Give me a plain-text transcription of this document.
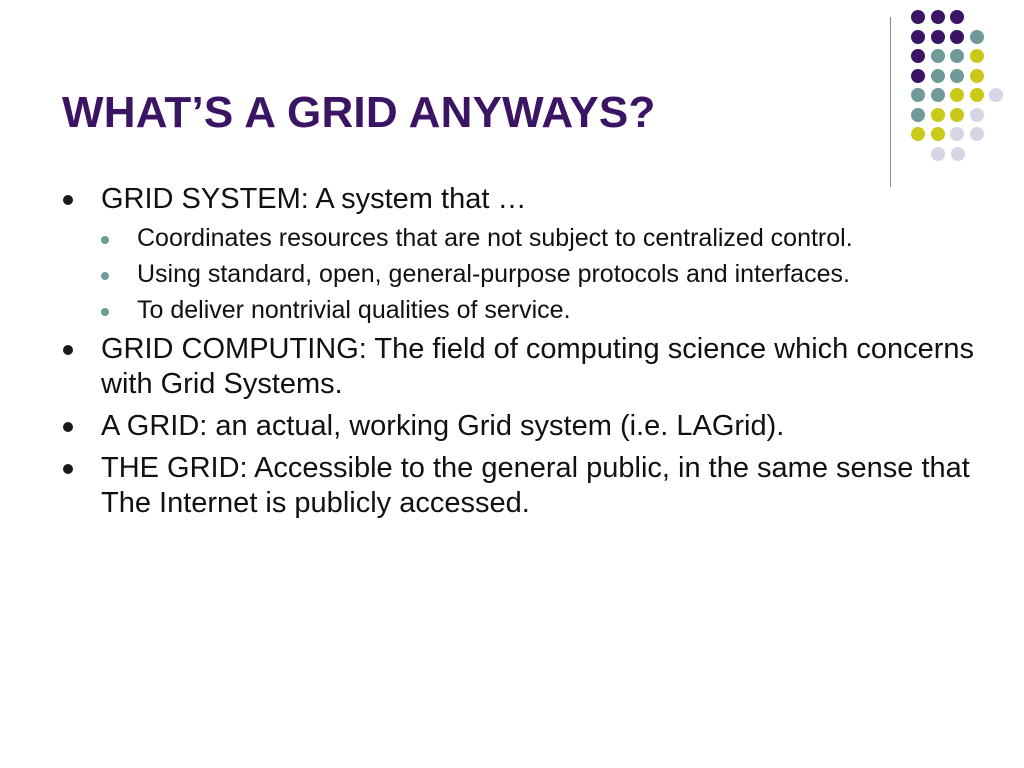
WHAT’S A GRID ANYWAYS?
GRID SYSTEM: A system that …
Coordinates resources that are not subject to centralized control.
Using standard, open, general-purpose protocols and interfaces.
To deliver nontrivial qualities of service.
GRID COMPUTING: The field of computing science which concerns with Grid Systems.
A GRID: an actual, working Grid system (i.e. LAGrid).
THE GRID: Accessible to the general public, in the same sense that The Internet is publicly accessed.
